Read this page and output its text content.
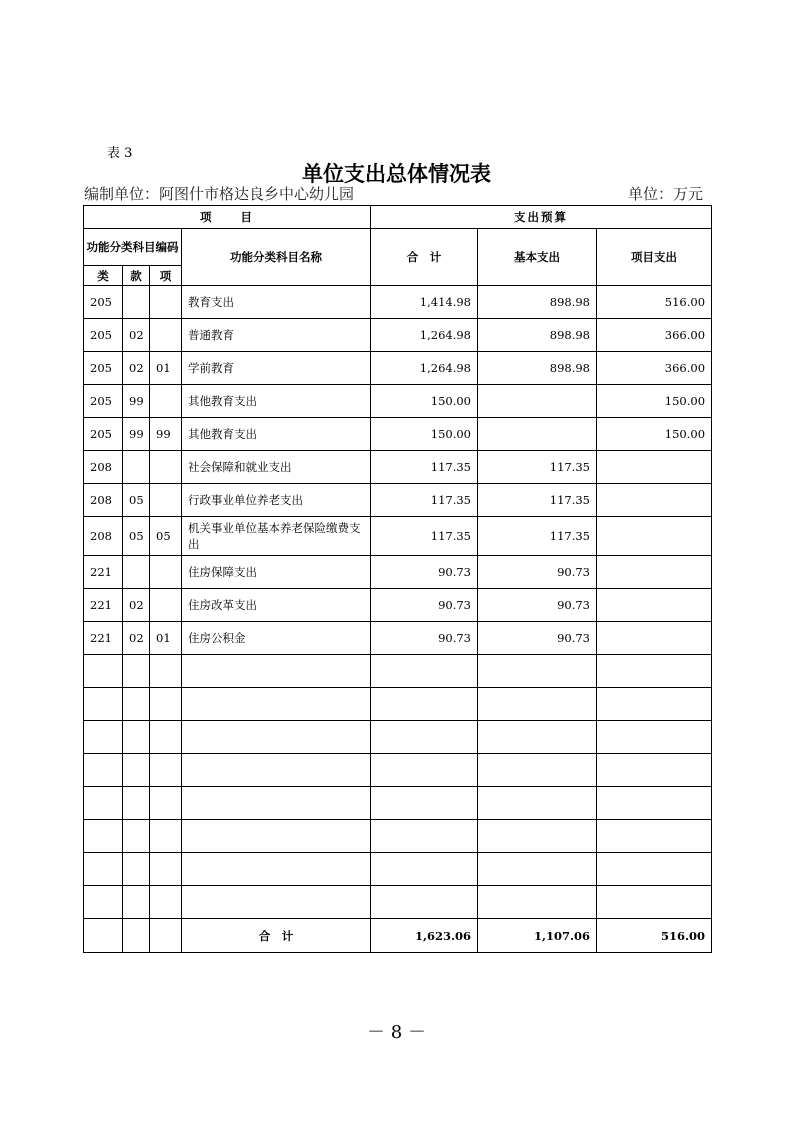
表 3
单位支出总体情况表
编制单位：阿图什市格达良乡中心幼儿园	单位：万元
项　　目				支出预算		
功能分类科目编码			功能分类科目名称	合　计	基本支出	项目支出
类	款	项				
205			教育支出	1,414.98	898.98	516.00
205	02		普通教育	1,264.98	898.98	366.00
205	02	01	学前教育	1,264.98	898.98	366.00
205	99		其他教育支出	150.00		150.00
205	99	99	其他教育支出	150.00		150.00
208			社会保障和就业支出	117.35	117.35	
208	05		行政事业单位养老支出	117.35	117.35	
208	05	05	机关事业单位基本养老保险缴费支出	117.35	117.35	
221			住房保障支出	90.73	90.73	
221	02		住房改革支出	90.73	90.73	
221	02	01	住房公积金	90.73	90.73	

			合　计	1,623.06	1,107.06	516.00
－ 8 －
